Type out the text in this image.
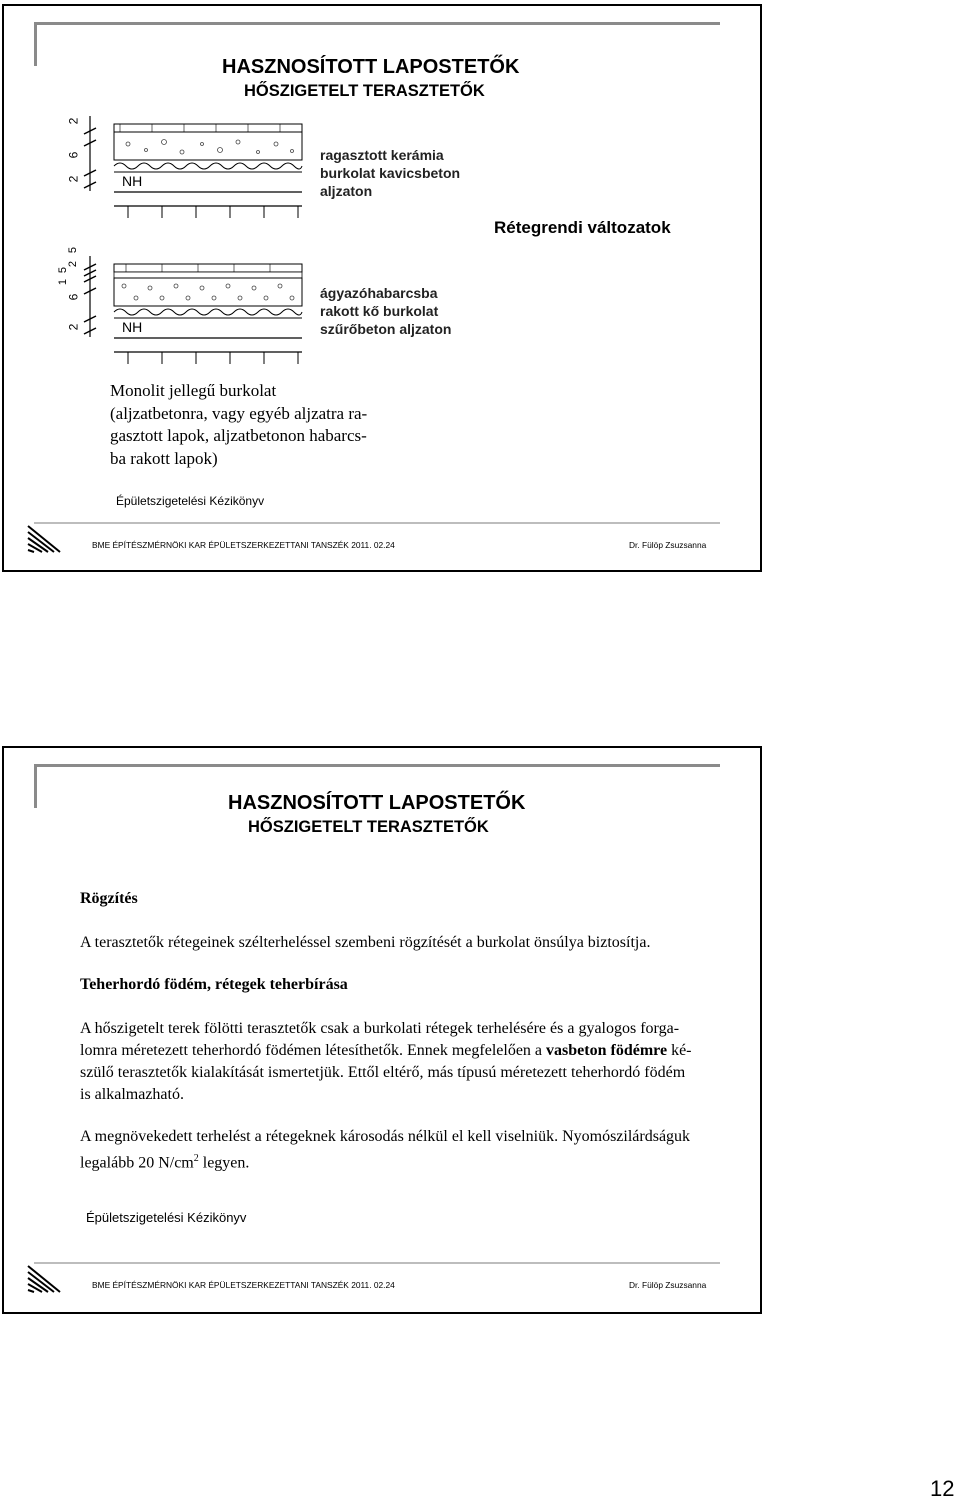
HASZNOSÍTOTT LAPOSTETŐK
HŐSZIGETELT TERASZTETŐK
Rétegrendi változatok
NH
ragasztott kerámia
burkolat kavicsbeton
aljzaton
NH
ágyazóhabarcsba
rakott kő burkolat
szűrőbeton aljzaton
2
6
2
5
5
1
2
6
2
Monolit jellegű burkolat
(aljzatbetonra, vagy egyéb aljzatra ra-
gasztott lapok, aljzatbetonon habarcs-
ba rakott lapok)
Épületszigetelési Kézikönyv
BME ÉPÍTÉSZMÉRNÖKI KAR ÉPÜLETSZERKEZETTANI TANSZÉK 2011. 02.24	Dr. Fülöp Zsuzsanna
HASZNOSÍTOTT LAPOSTETŐK
HŐSZIGETELT TERASZTETŐK
Rögzítés
A terasztetők rétegeinek szélterheléssel szembeni rögzítését a burkolat önsúlya biztosítja.
Teherhordó födém, rétegek teherbírása
A hőszigetelt terek fölötti terasztetők csak a burkolati rétegek terhelésére és a gyalogos forga-
lomra méretezett teherhordó födémen létesíthetők. Ennek megfelelően a vasbeton födémre ké-
szülő terasztetők kialakítását ismertetjük. Ettől eltérő, más típusú méretezett teherhordó födém
is alkalmazható.
A megnövekedett terhelést a rétegeknek károsodás nélkül el kell viselniük. Nyomószilárdságuk
legalább 20 $N/cm^2$ legyen.
Épületszigetelési Kézikönyv
BME ÉPÍTÉSZMÉRNÖKI KAR ÉPÜLETSZERKEZETTANI TANSZÉK 2011. 02.24	Dr. Fülöp Zsuzsanna
12
